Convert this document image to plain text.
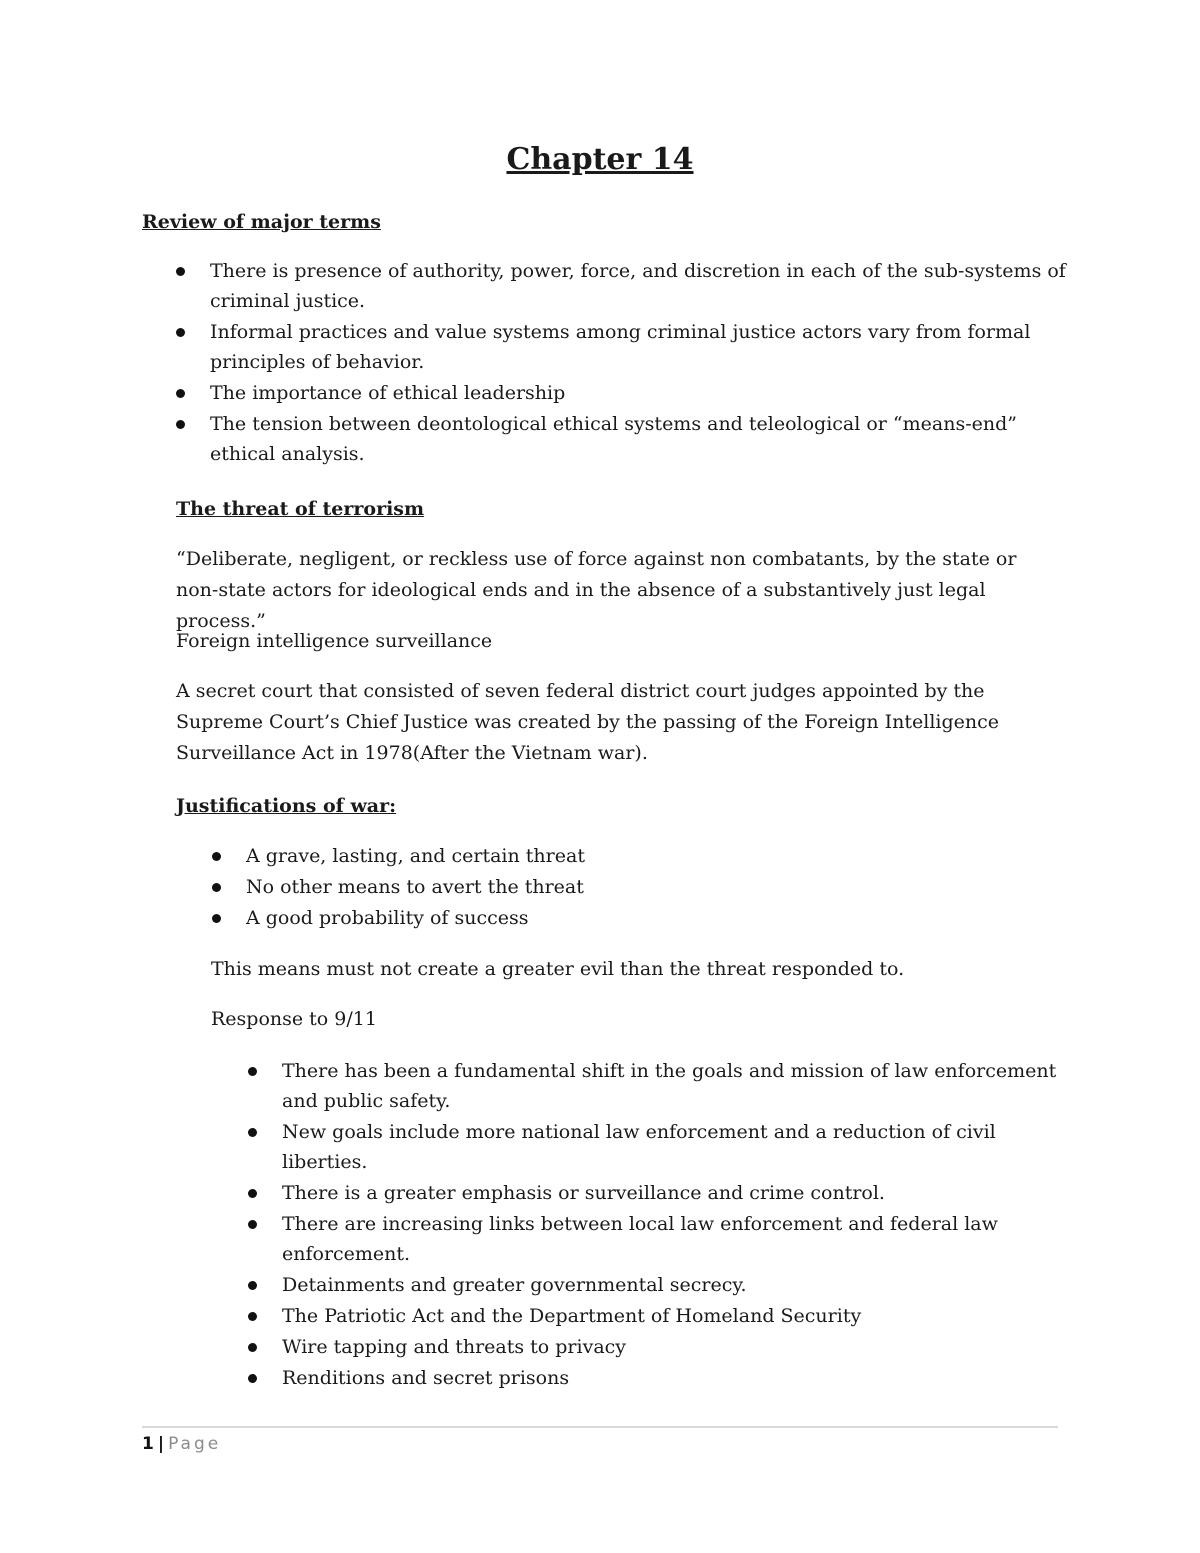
Chapter 14

Review of major terms

There is presence of authority, power, force, and discretion in each of the sub-systems of criminal justice.
Informal practices and value systems among criminal justice actors vary from formal principles of behavior.
The importance of ethical leadership
The tension between deontological ethical systems and teleological or “means-end” ethical analysis.

The threat of terrorism

“Deliberate, negligent, or reckless use of force against non combatants, by the state or non-state actors for ideological ends and in the absence of a substantively just legal process.”

Foreign intelligence surveillance

A secret court that consisted of seven federal district court judges appointed by the Supreme Court’s Chief Justice was created by the passing of the Foreign Intelligence Surveillance Act in 1978(After the Vietnam war).

Justifications of war:

A grave, lasting, and certain threat
No other means to avert the threat
A good probability of success

This means must not create a greater evil than the threat responded to.

Response to 9/11

There has been a fundamental shift in the goals and mission of law enforcement and public safety.
New goals include more national law enforcement and a reduction of civil liberties.
There is a greater emphasis or surveillance and crime control.
There are increasing links between local law enforcement and federal law enforcement.
Detainments and greater governmental secrecy.
The Patriotic Act and the Department of Homeland Security
Wire tapping and threats to privacy
Renditions and secret prisons
1 | Page
